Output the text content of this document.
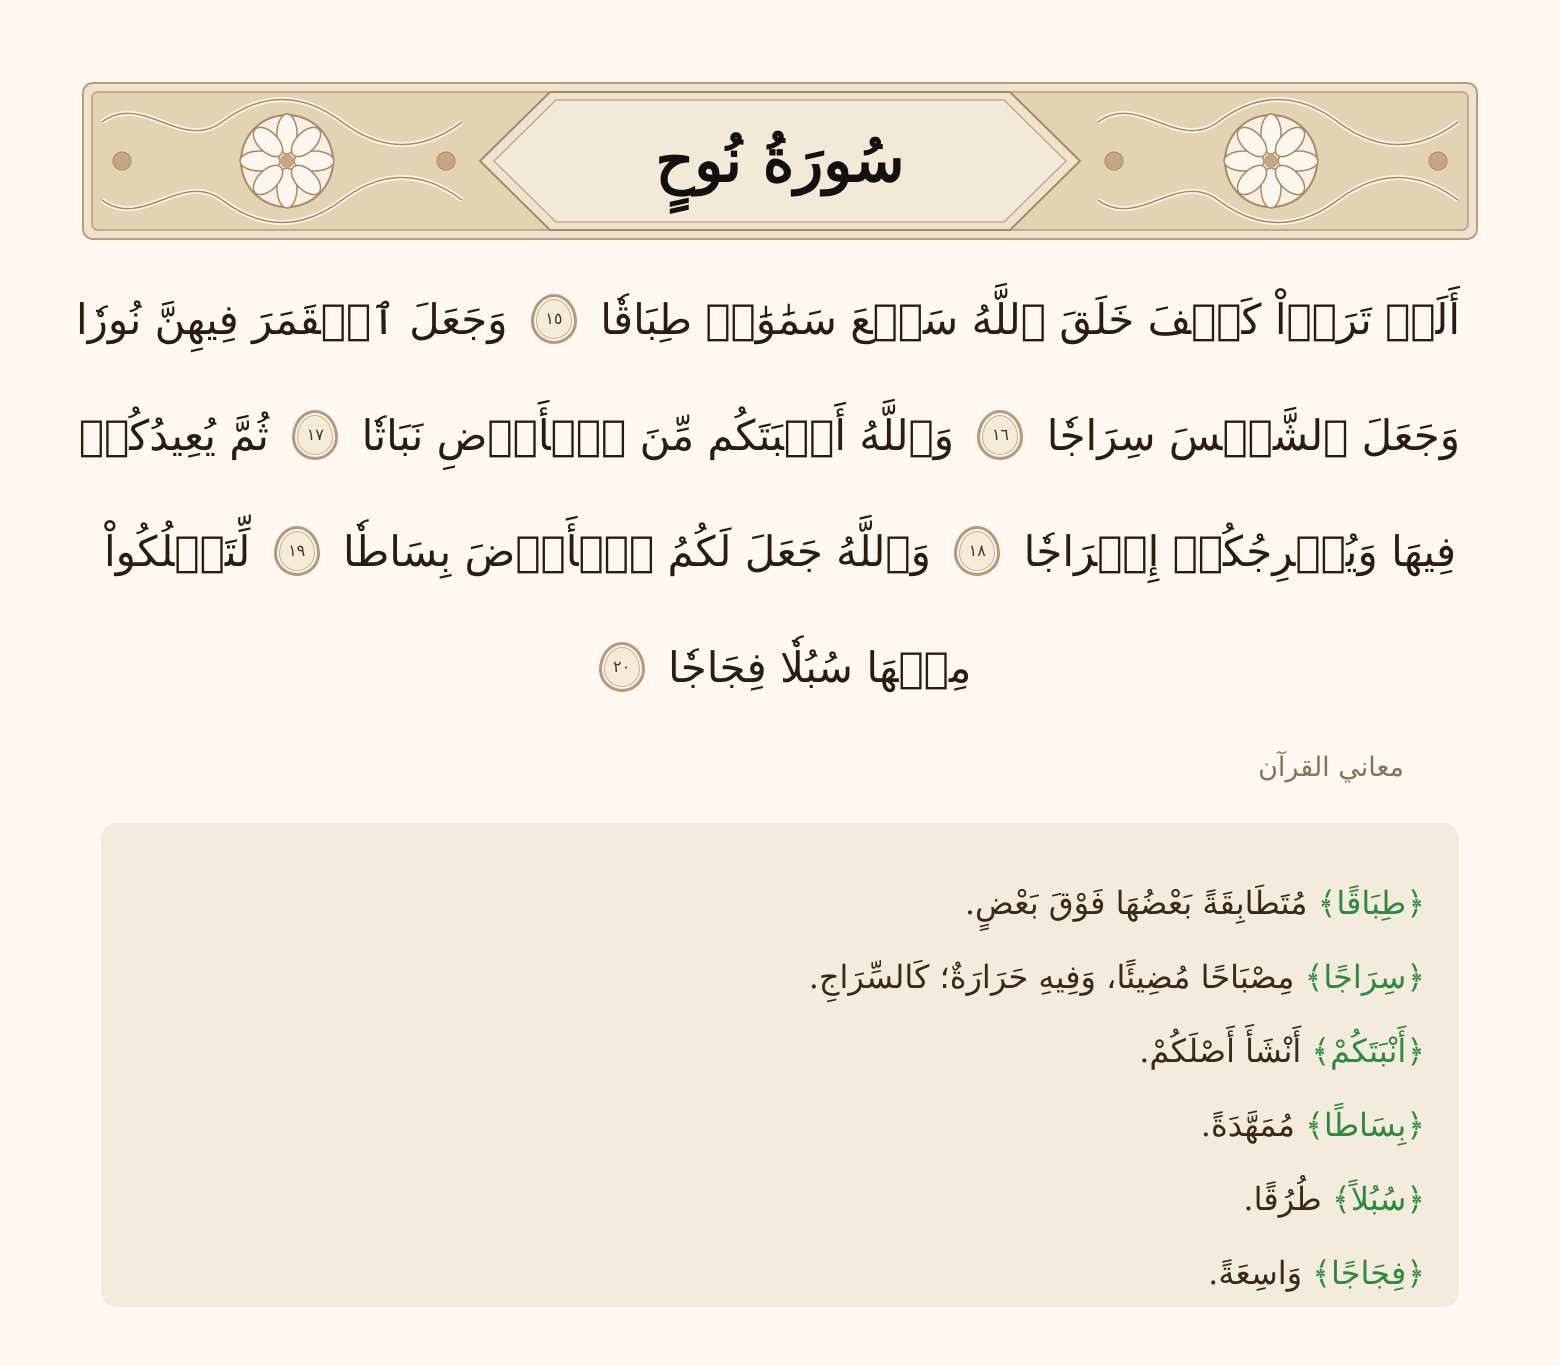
سُورَةُ نُوحٍ
أَلَمۡ تَرَوۡاْ كَيۡفَ خَلَقَ ٱللَّهُ سَبۡعَ سَمَٰوَٰتٖ طِبَاقٗا ١٥ وَجَعَلَ ٱلۡقَمَرَ فِيهِنَّ نُورٗا
وَجَعَلَ ٱلشَّمۡسَ سِرَاجٗا ١٦ وَٱللَّهُ أَنۢبَتَكُم مِّنَ ٱلۡأَرۡضِ نَبَاتٗا ١٧ ثُمَّ يُعِيدُكُمۡ
فِيهَا وَيُخۡرِجُكُمۡ إِخۡرَاجٗا ١٨ وَٱللَّهُ جَعَلَ لَكُمُ ٱلۡأَرۡضَ بِسَاطٗا ١٩ لِّتَسۡلُكُواْ
مِنۡهَا سُبُلٗا فِجَاجٗا ٢٠
معاني القرآن
﴿طِبَاقًا﴾ مُتَطَابِقَةً بَعْضُهَا فَوْقَ بَعْضٍ.
﴿سِرَاجًا﴾ مِصْبَاحًا مُضِيئًا، وَفِيهِ حَرَارَةٌ؛ كَالسِّرَاجِ.
﴿أَنْبَتَكُمْ﴾ أَنْشَأَ أَصْلَكُمْ.
﴿بِسَاطًا﴾ مُمَهَّدَةً.
﴿سُبُلاً﴾ طُرُقًا.
﴿فِجَاجًا﴾ وَاسِعَةً.
